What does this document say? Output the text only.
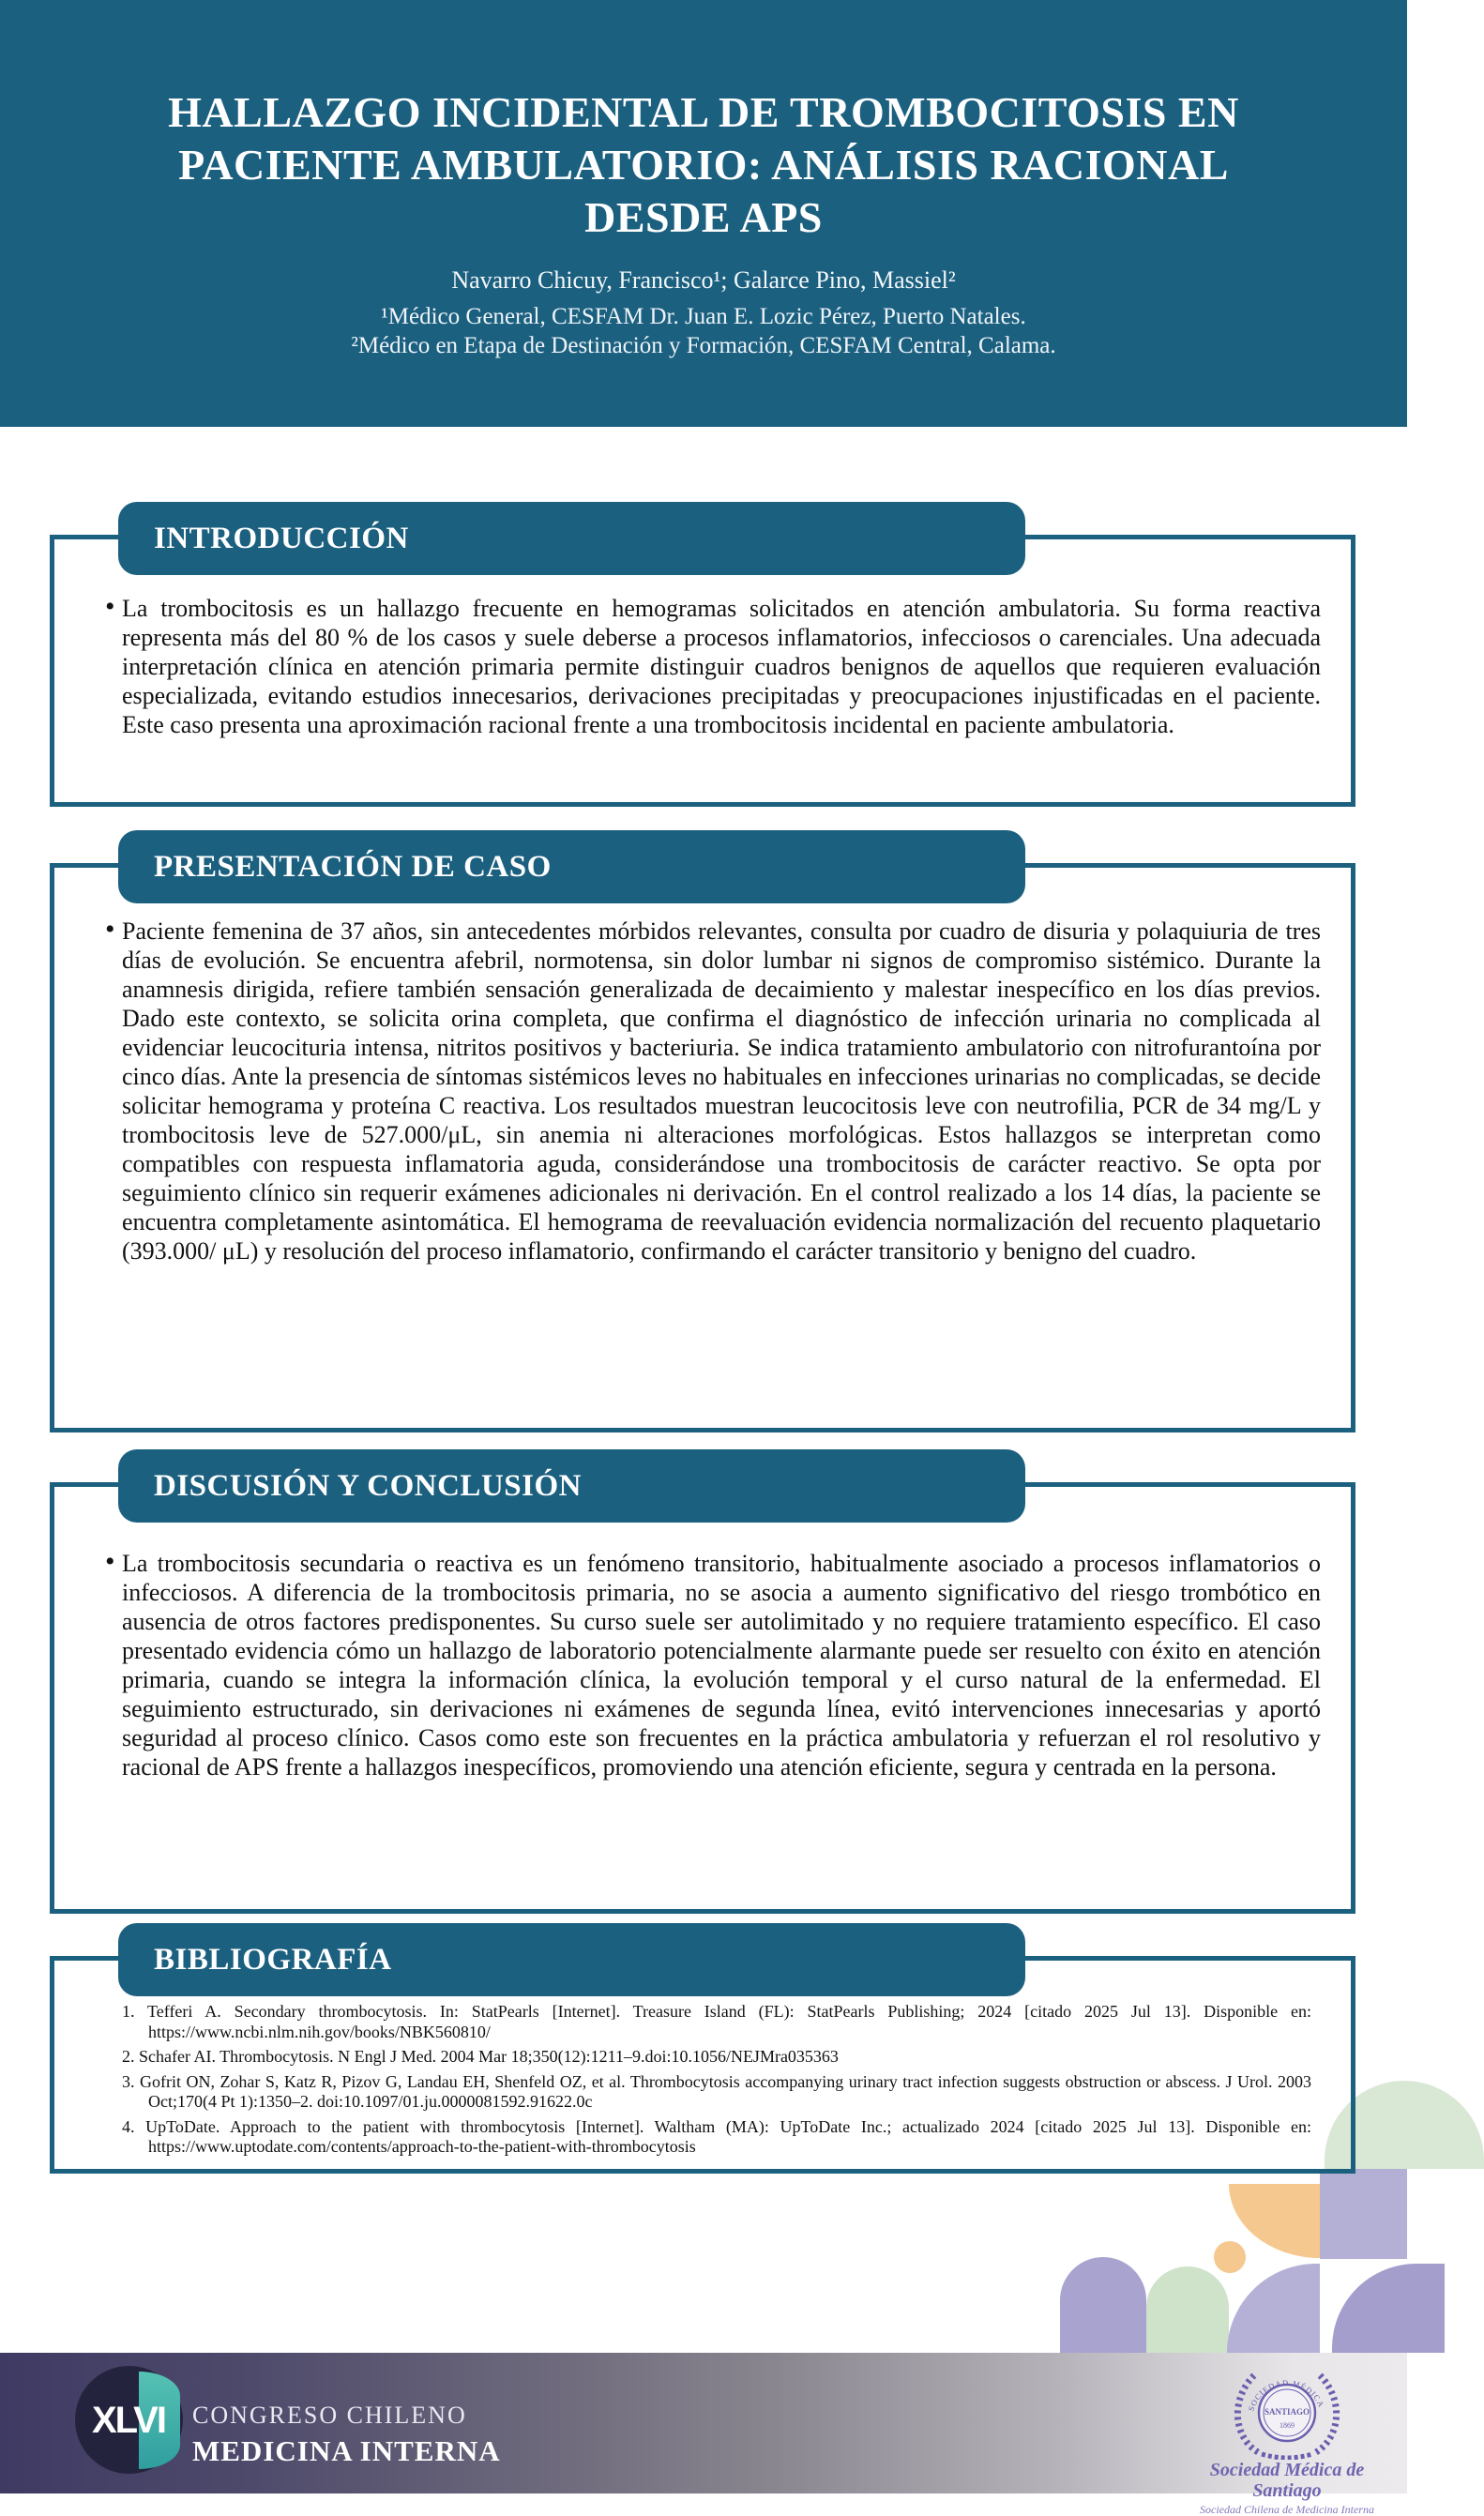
HALLAZGO INCIDENTAL DE TROMBOCITOSIS EN PACIENTE AMBULATORIO: ANÁLISIS RACIONAL DESDE APS
Navarro Chicuy, Francisco¹; Galarce Pino, Massiel²
¹Médico General, CESFAM Dr. Juan E. Lozic Pérez, Puerto Natales.
²Médico en Etapa de Destinación y Formación, CESFAM Central, Calama.
INTRODUCCIÓN

• La trombocitosis es un hallazgo frecuente en hemogramas solicitados en atención ambulatoria. Su forma reactiva representa más del 80 % de los casos y suele deberse a procesos inflamatorios, infecciosos o carenciales. Una adecuada interpretación clínica en atención primaria permite distinguir cuadros benignos de aquellos que requieren evaluación especializada, evitando estudios innecesarios, derivaciones precipitadas y preocupaciones injustificadas en el paciente. Este caso presenta una aproximación racional frente a una trombocitosis incidental en paciente ambulatoria.

PRESENTACIÓN DE CASO

• Paciente femenina de 37 años, sin antecedentes mórbidos relevantes, consulta por cuadro de disuria y polaquiuria de tres días de evolución. Se encuentra afebril, normotensa, sin dolor lumbar ni signos de compromiso sistémico. Durante la anamnesis dirigida, refiere también sensación generalizada de decaimiento y malestar inespecífico en los días previos. Dado este contexto, se solicita orina completa, que confirma el diagnóstico de infección urinaria no complicada al evidenciar leucocituria intensa, nitritos positivos y bacteriuria. Se indica tratamiento ambulatorio con nitrofurantoína por cinco días. Ante la presencia de síntomas sistémicos leves no habituales en infecciones urinarias no complicadas, se decide solicitar hemograma y proteína C reactiva. Los resultados muestran leucocitosis leve con neutrofilia, PCR de 34 mg/L y trombocitosis leve de 527.000/μL, sin anemia ni alteraciones morfológicas. Estos hallazgos se interpretan como compatibles con respuesta inflamatoria aguda, considerándose una trombocitosis de carácter reactivo. Se opta por seguimiento clínico sin requerir exámenes adicionales ni derivación. En el control realizado a los 14 días, la paciente se encuentra completamente asintomática. El hemograma de reevaluación evidencia normalización del recuento plaquetario (393.000/ μL) y resolución del proceso inflamatorio, confirmando el carácter transitorio y benigno del cuadro.

DISCUSIÓN Y CONCLUSIÓN

• La trombocitosis secundaria o reactiva es un fenómeno transitorio, habitualmente asociado a procesos inflamatorios o infecciosos. A diferencia de la trombocitosis primaria, no se asocia a aumento significativo del riesgo trombótico en ausencia de otros factores predisponentes. Su curso suele ser autolimitado y no requiere tratamiento específico. El caso presentado evidencia cómo un hallazgo de laboratorio potencialmente alarmante puede ser resuelto con éxito en atención primaria, cuando se integra la información clínica, la evolución temporal y el curso natural de la enfermedad. El seguimiento estructurado, sin derivaciones ni exámenes de segunda línea, evitó intervenciones innecesarias y aportó seguridad al proceso clínico. Casos como este son frecuentes en la práctica ambulatoria y refuerzan el rol resolutivo y racional de APS frente a hallazgos inespecíficos, promoviendo una atención eficiente, segura y centrada en la persona.

BIBLIOGRAFÍA
1. Tefferi A. Secondary thrombocytosis. In: StatPearls [Internet]. Treasure Island (FL): StatPearls Publishing; 2024 [citado 2025 Jul 13]. Disponible en: https://www.ncbi.nlm.nih.gov/books/NBK560810/
2. Schafer AI. Thrombocytosis. N Engl J Med. 2004 Mar 18;350(12):1211–9.doi:10.1056/NEJMra035363
3. Gofrit ON, Zohar S, Katz R, Pizov G, Landau EH, Shenfeld OZ, et al. Thrombocytosis accompanying urinary tract infection suggests obstruction or abscess. J Urol. 2003 Oct;170(4 Pt 1):1350–2. doi:10.1097/01.ju.0000081592.91622.0c
4. UpToDate. Approach to the patient with thrombocytosis [Internet]. Waltham (MA): UpToDate Inc.; actualizado 2024 [citado 2025 Jul 13]. Disponible en: https://www.uptodate.com/contents/approach-to-the-patient-with-thrombocytosis
XLVI	CONGRESO CHILENO
MEDICINA INTERNA
SOCIEDAD MÉDICA
SANTIAGO
1869
Sociedad Médica de Santiago
Sociedad Chilena de Medicina Interna
